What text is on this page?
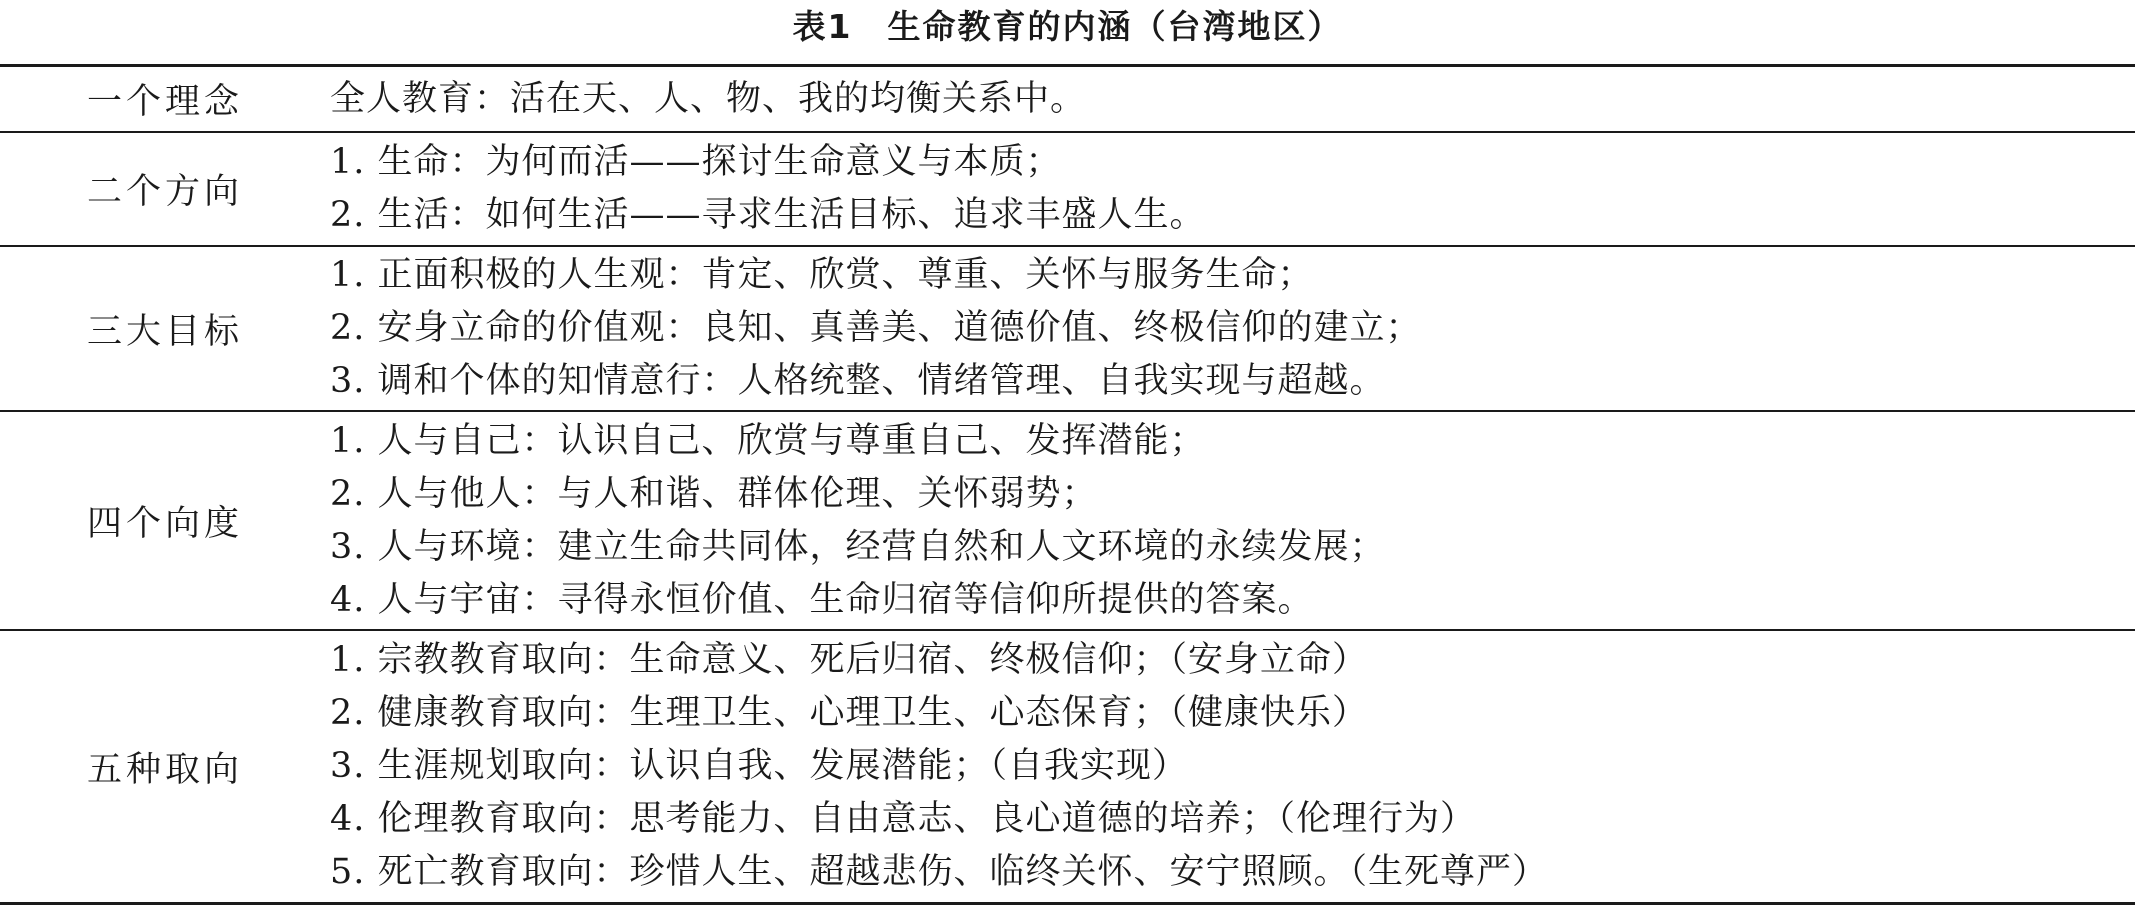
表1　生命教育的内涵（台湾地区）
一个理念	全人教育：活在天、人、物、我的均衡关系中。
二个方向
1. 生命：为何而活——探讨生命意义与本质；
2. 生活：如何生活——寻求生活目标、追求丰盛人生。
三大目标
1. 正面积极的人生观：肯定、欣赏、尊重、关怀与服务生命；
2. 安身立命的价值观：良知、真善美、道德价值、终极信仰的建立；
3. 调和个体的知情意行：人格统整、情绪管理、自我实现与超越。
四个向度
1. 人与自己：认识自己、欣赏与尊重自己、发挥潜能；
2. 人与他人：与人和谐、群体伦理、关怀弱势；
3. 人与环境：建立生命共同体，经营自然和人文环境的永续发展；
4. 人与宇宙：寻得永恒价值、生命归宿等信仰所提供的答案。
五种取向
1. 宗教教育取向：生命意义、死后归宿、终极信仰；（安身立命）
2. 健康教育取向：生理卫生、心理卫生、心态保育；（健康快乐）
3. 生涯规划取向：认识自我、发展潜能；（自我实现）
4. 伦理教育取向：思考能力、自由意志、良心道德的培养；（伦理行为）
5. 死亡教育取向：珍惜人生、超越悲伤、临终关怀、安宁照顾。（生死尊严）
